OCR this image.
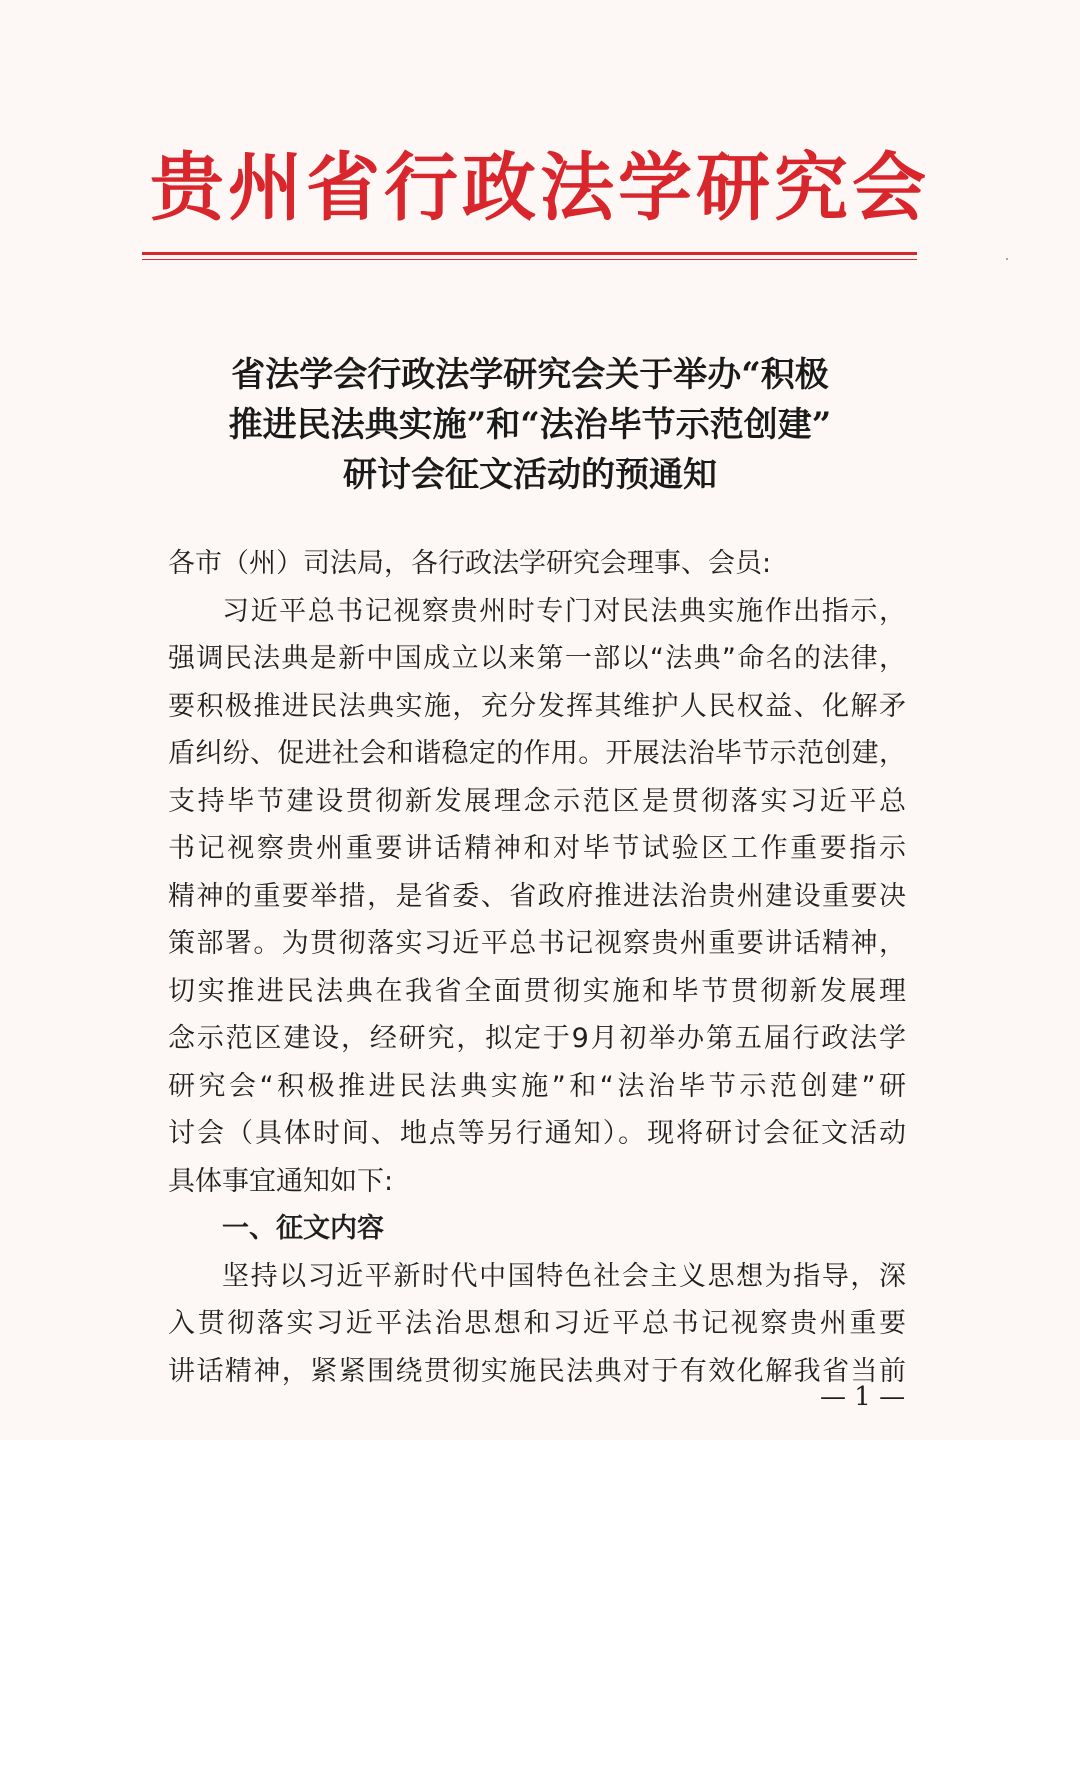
贵州省行政法学研究会
省法学会行政法学研究会关于举办“积极
推进民法典实施”和“法治毕节示范创建”
研讨会征文活动的预通知
各市（州）司法局，各行政法学研究会理事、会员:
习近平总书记视察贵州时专门对民法典实施作出指示，
强调民法典是新中国成立以来第一部以“法典”命名的法律，
要积极推进民法典实施，充分发挥其维护人民权益、化解矛
盾纠纷、促进社会和谐稳定的作用。开展法治毕节示范创建，
支持毕节建设贯彻新发展理念示范区是贯彻落实习近平总
书记视察贵州重要讲话精神和对毕节试验区工作重要指示
精神的重要举措，是省委、省政府推进法治贵州建设重要决
策部署。为贯彻落实习近平总书记视察贵州重要讲话精神，
切实推进民法典在我省全面贯彻实施和毕节贯彻新发展理
念示范区建设，经研究，拟定于9月初举办第五届行政法学
研究会“积极推进民法典实施”和“法治毕节示范创建”研
讨会（具体时间、地点等另行通知）。现将研讨会征文活动
具体事宜通知如下:
一、征文内容
坚持以习近平新时代中国特色社会主义思想为指导，深
入贯彻落实习近平法治思想和习近平总书记视察贵州重要
讲话精神，紧紧围绕贯彻实施民法典对于有效化解我省当前
— 1 —
